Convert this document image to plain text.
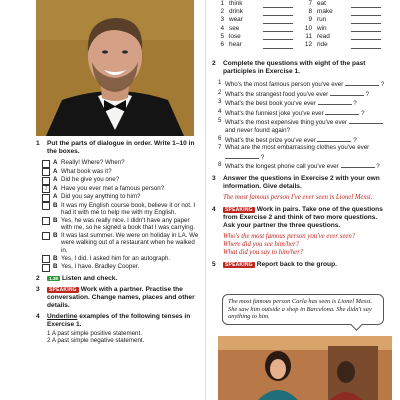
1	Put the parts of dialogue in order. Write 1–10 in the boxes.
A Really! Where? When?
A What book was it?
A Did he give you one?
1 A Have you ever met a famous person?
A Did you say anything to him?
B It was my English course book, believe it or not. I had it with me to help me with my English.
B Yes, he was really nice. I didn't have any paper with me, so he signed a book that I was carrying.
B It was last summer. We were on holiday in LA. We were walking out of a restaurant when he walked in.
B Yes, I did. I asked him for an autograph.
B Yes, I have. Bradley Cooper.
2	1.38 Listen and check.
3	SPEAKING Work with a partner. Practise the conversation. Change names, places and other details.
4	Underline examples of the following tenses in Exercise 1.
1 A past simple positive statement.
2 A past simple negative statement.
1 think	7 eat
2 drink	8 make
3 wear	9 run
4 see	10 win
5 lose	11 read
6 hear	12 ride
2	Complete the questions with eight of the past participles in Exercise 1.
1 Who's the most famous person you've ever	?
2 What's the strangest food you've ever	?
3 What's the best book you've ever	?
4 What's the funniest joke you've ever	?
5 What's the most expensive thing you've ever  and never found again?
6 What's the best prize you've ever	?
7 What are the most embarrassing clothes you've ever  ?
8 What's the longest phone call you've ever	?
3	Answer the questions in Exercise 2 with your own information. Give details.
The most famous person I've ever seen is Lionel Messi.
4	SPEAKING Work in pairs. Take one of the questions from Exercise 2 and think of two more questions. Ask your partner the three questions.
Who's the most famous person you've ever seen?
Where did you see him/her?
What did you say to him/her?
5	SPEAKING Report back to the group.
The most famous person Carla has seen is Lionel Messi. She saw him outside a shop in Barcelona. She didn't say anything to him.
